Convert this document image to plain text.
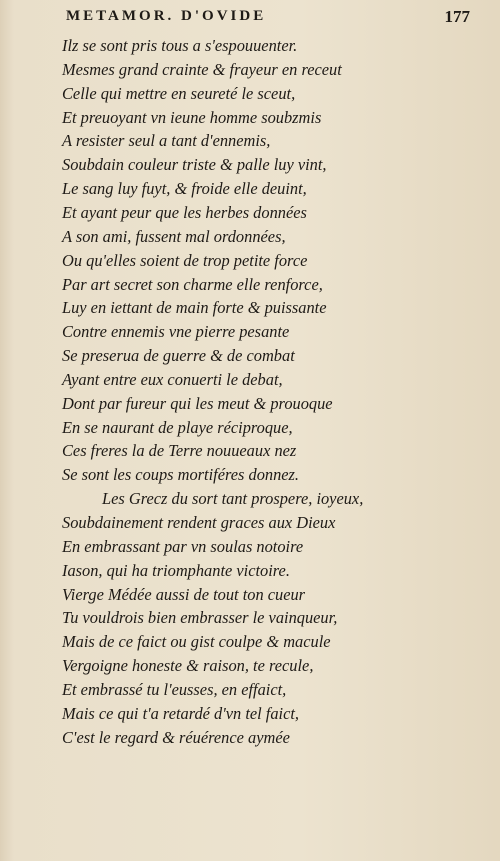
METAMOR. D'OVIDE	177
Ilz se sont pris tous a s'espouuenter.
Mesmes grand crainte & frayeur en receut
Celle qui mettre en seureté le sceut,
Et preuoyant vn ieune homme soubzmis
A resister seul a tant d'ennemis,
Soubdain couleur triste & palle luy vint,
Le sang luy fuyt, & froide elle deuint,
Et ayant peur que les herbes données
A son ami, fussent mal ordonnées,
Ou qu'elles soient de trop petite force
Par art secret son charme elle renforce,
Luy en iettant de main forte & puissante
Contre ennemis vne pierre pesante
Se preserua de guerre & de combat
Ayant entre eux conuerti le debat,
Dont par fureur qui les meut & prouoque
En se naurant de playe réciproque,
Ces freres la de Terre nouueaux nez
Se sont les coups mortiféres donnez.
Les Grecz du sort tant prospere, ioyeux,
Soubdainement rendent graces aux Dieux
En embrassant par vn soulas notoire
Iason, qui ha triomphante victoire.
Vierge Médée aussi de tout ton cueur
Tu vouldrois bien embrasser le vainqueur,
Mais de ce faict ou gist coulpe & macule
Vergoigne honeste & raison, te recule,
Et embrassé tu l'eusses, en effaict,
Mais ce qui t'a retardé d'vn tel faict,
C'est le regard & réuérence aymée
